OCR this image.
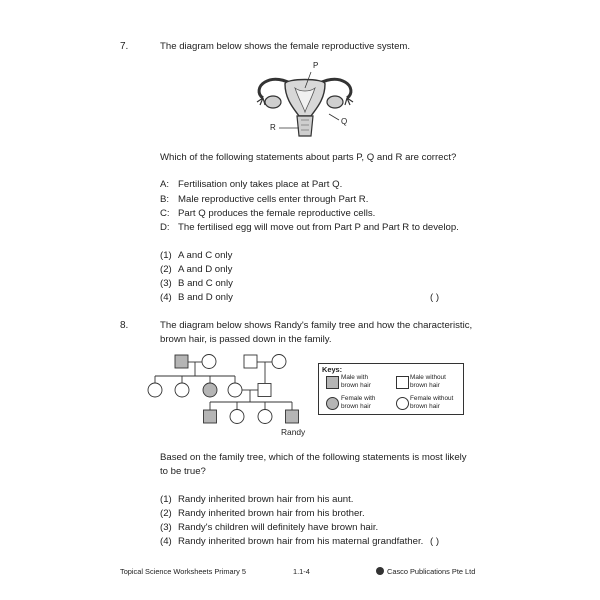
7.	The diagram below shows the female reproductive system.
P
Q
R
Which of the following statements about parts P, Q and R are correct?
A: Fertilisation only takes place at Part Q.
B: Male reproductive cells enter through Part R.
C: Part Q produces the female reproductive cells.
D: The fertilised egg will move out from Part P and Part R to develop.
(1) A and C only
(2) A and D only
(3) B and C only
(4) B and D only	( )
8.	The diagram below shows Randy's family tree and how the characteristic,
brown hair, is passed down in the family.
Randy
Keys:
Male with
brown hair
Male without
brown hair
Female with
brown hair
Female without
brown hair
Based on the family tree, which of the following statements is most likely
to be true?
(1) Randy inherited brown hair from his aunt.
(2) Randy inherited brown hair from his brother.
(3) Randy's children will definitely have brown hair.
(4) Randy inherited brown hair from his maternal grandfather. ( )
Topical Science Worksheets Primary 5	1.1-4	Casco Publications Pte Ltd
